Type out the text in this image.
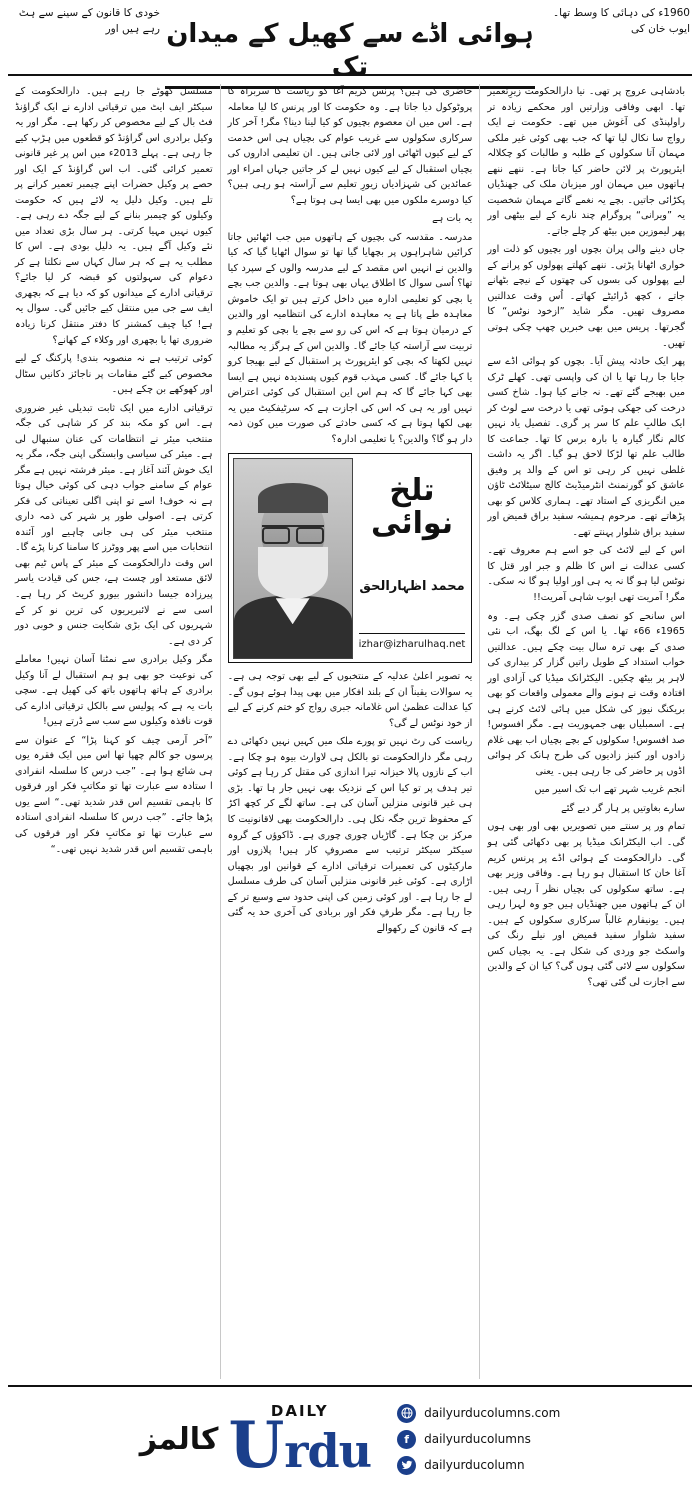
1960ء کی دہائی کا وسط تھا۔ ایوب خان کی
خودی کا قانون کے سینے سے ہٹ رہے ہیں اور ہوائی اڈے سے کھیل کے میدان تک

بادشاہی عروج پر تھی۔ نیا دارالحکومت زیرِتعمیر تھا۔ ابھی وفاقی وزارتیں اور محکمے زیادہ تر راولپنڈی کی آغوش میں تھے۔ حکومت نے ایک رواج سا نکال لیا تھا کہ جب بھی کوئی غیر ملکی مہمان آتا سکولوں کے طلبہ و طالبات کو چکلالہ ایئرپورٹ پر لائن حاضر کیا جاتا ہے۔ ننھے ننھے ہاتھوں میں مہمان اور میزبان ملک کی جھنڈیاں پکڑائی جاتیں۔ بچے یہ نغمے گاتے مہمان شخصیت یہ ”ویرانی“ پروگرام چند نارے کے لیے بیٹھی اور پھر لیموزین میں بیٹھ کر چلے جاتے۔

جاں دینے والی پران بچوں اور بچیوں کو ذلت اور خواری اٹھانا پڑتی۔ ننھے کھلتے پھولوں کو پرانے کے لیے پھولوں کی بسوں کی چھتوں کے نیچے بٹھانے جاتے ، کچھ ڈرائیٹے کھاتے۔ اُس وقت عدالتیں مصروف تھیں۔ مگر شاید ”ازخود نوٹس“ کا گجرتھا۔ پریس میں بھی خبریں چھپ چکی ہوتی تھیں۔

پھر ایک حادثہ پیش آیا۔ بچوں کو ہوائی اڈے سے جایا جا رہا تھا یا ان کی واپسی تھی۔ کھلے ٹرک میں بھیجے گئے تھے۔ نہ جانے کیا ہوا۔ شاخ کسی درخت کی جھکی ہوئی تھی یا درخت سے لوٹ کر ایک طالبِ علم کا سر پر گری۔ تفصیل یاد نہیں کالم نگار گیارہ یا بارہ برس کا تھا۔ جماعت کا طالب علم تھا لڑکا لاحق ہو گیا۔ اگر یہ داشت غلطی نہیں کر رہی تو اس کے والد پر وفیق عاشق کو گورنمنٹ انٹرمیڈیٹ کالج سیٹلائٹ ٹاؤن میں انگریزی کے استاد تھے۔ ہماری کلاس کو بھی پڑھاتے تھے۔ مرحوم ہمیشہ سفید براق قمیض اور سفید براق شلوار پہنتے تھے۔

اس کے لیے لائٹ کی جو اسے ہم معروف تھے۔ کسی عدالت نے اس کا ظلم و جبر اور قتل کا نوٹس لیا ہو گا نہ یہ ہی اور اولیا ہو گا نہ سکی۔ مگر! آمریت تھی ایوب شاہی آمریت!!

اس سانحے کو نصف صدی گزر چکی ہے۔ وہ 1965ء 66ء تھا۔ یا اس کے لگ بھگ، اب نئی صدی کے بھی ترہ سال بیت چکے ہیں۔ عدالتیں خواب استداد کے طویل راتیں گزار کر بیداری کی لاہر پر بیٹھ چکیں۔ الیکٹرانک میڈیا کی آزادی اور افتادہ وقت نے ہونے والے معمولی واقعات کو بھی بریکنگ نیوز کی شکل میں ہائی لائٹ کرنے ہی ہے۔ اسمبلیاں بھی جمہوریت ہے۔ مگر افسوس! صد افسوس! سکولوں کے بچے بچیاں اب بھی غلام زادوں اور کنیز زادیوں کی طرح ہانک کر ہوائی اڈوں پر حاضر کی جا رہی ہیں۔ یعنی

انجم غریب شہر تھے اب تک اسیر میں

سارے بغاوتیں پر ہار گر دیے گئے

تمام ور پر سنتے میں تصویریں بھی اور بھی ہوں گی۔ اب الیکٹرانک میڈیا پر بھی دکھائی گئی ہو گی۔ دارالحکومت کے ہوائی اڈے پر پرنس کریم آغا خان کا استقبال ہو رہا ہے۔ وفاقی وزیر بھی ہے۔ ساتھ سکولوں کی بچیاں نظر آ رہی ہیں۔ ان کے ہاتھوں میں جھنڈیاں ہیں جو وہ لہرا رہی ہیں۔ یونیفارم غالباً سرکاری سکولوں کے ہیں۔ سفید شلوار سفید قمیض اور نیلے رنگ کی واسکٹ جو وردی کی شکل ہے۔ یہ بچیاں کس سکولوں سے لائی گئی ہوں گی؟ کیا ان کے والدین سے اجازت لی گئی تھی؟

حاضری کی ہیں؟ پرنس کریم آغا کو ریاست کا سربراہ کا پروٹوکول دیا جاتا ہے۔ وہ حکومت کا اور پرنس کا لیا معاملہ ہے۔ اس میں ان معصوم بچیوں کو کیا لینا دینا؟ مگر! آخر کار سرکاری سکولوں سے غریب عوام کی بچیاں ہی اس خدمت کے لیے کیوں اٹھائی اور لائی جاتی ہیں۔ ان تعلیمی اداروں کی بچیاں استقبال کے لیے کیوں نہیں لے کر جاتیں جہاں امراء اور عمائدین کی شہزادیاں زیورِ تعلیم سے آراستہ ہو رہی ہیں؟ کیا دوسرے ملکوں میں بھی ایسا ہی ہوتا ہے؟

یہ بات ہے

مدرسہ۔ مقدسہ کی بچیوں کے ہاتھوں میں جب اٹھائیں جاتا کرائیں شاہراہوں پر بچھایا گیا تھا تو سوال اٹھایا گیا کہ کیا والدین نے انہیں اس مقصد کے لیے مدرسہ والوں کے سپرد کیا تھا؟ اُسی سوال کا اطلاق یہاں بھی ہوتا ہے۔ والدین جب بچے یا بچی کو تعلیمی ادارہ میں داخل کرتے ہیں تو ایک خاموش معاہدہ طے پاتا ہے یہ معاہدہ ادارے کی انتظامیہ اور والدین کے درمیان ہوتا ہے کہ اس کی رو سے بچے یا بچی کو تعلیم و تربیت سے آراستہ کیا جائے گا۔ والدین اس کے ہرگز یہ مطالبہ نہیں لکھتا کہ بچی کو ایئرپورٹ پر استقبال کے لیے بھیجا کرو یا کہا جائے گا۔ کسی مہذب قوم کیوں پسندیدہ نہیں ہے ایسا بھی کہا جائے گا کہ ہم اس این استقبال کی کوئی اعتراض نہیں اور یہ ہی کہ اس کی اجازت ہے کہ سرٹیفکیٹ میں یہ بھی لکھا ہوتا ہے کہ کسی حادثے کی صورت میں کون ذمہ دار ہو گا؟ والدین؟ یا تعلیمی ادارہ؟

تلخ نوائی
محمد اظہارالحق
izhar@izharulhaq.net

یہ تصویر اعلیٰ عدلیہ کے منتخبوں کے لیے بھی توجہ ہی ہے۔ یہ سوالات یقیناً ان کے بلند افکار میں بھی پیدا ہوئے ہوں گے۔ کیا عدالت عظمیٰ اس غلامانہ جبری رواج کو ختم کرنے کے لیے از خود نوٹس لے گی؟

ریاست کی رٹ نہیں تو پورے ملک میں کہیں نہیں دکھائی دے رہی مگر دارالحکومت تو بالکل ہی لاوارث بیوہ ہو چکا ہے۔ اب کے نازوں پالا خیزانہ تیرا اندازی کی مقتل کر رہا ہے کوئی تیر ہدف پر تو کیا اس کے نزدیک بھی نہیں جار ہا تھا۔ بڑی ہی غیر قانونی منزلیں آسان کی ہے۔ ساتھ لگے کر کچھ اکڑ کے محفوظ ترین جگہ نکل ہی۔ دارالحکومت بھی لاقانونیت کا مرکز بن چکا ہے۔ گاڑیاں چوری چوری ہے۔ ڈاکوؤں کے گروہ سیکٹر سیکٹر ترتیب سے مصروفِ کار ہیں! پلازوں اور مارکیٹوں کی تعمیرات ترقیاتی ادارے کے قوانین اور بچھیاں اڑاری ہے۔ کوئی غیر قانونی منزلیں آسان کی طرف مسلسل لے جا رہا ہے۔ اور کوئی زمین کی اپنی حدود سے وسیع تر کے جا رہا ہے۔ مگر طرفِ فکر اور بربادی کی آخری حد یہ گئی ہے کہ قانون کے رکھوالے

مسلسل کھوٹے جا رہے ہیں۔ دارالحکومت کے سیکٹر ایف ایٹ میں ترقیاتی ادارے نے ایک گراؤنڈ فٹ بال کے لیے مخصوص کر رکھا ہے۔ مگر اور یہ وکیل برادری اس گراؤنڈ کو قطعوں میں ہڑپ کیے جا رہی ہے۔ پہلے 2013ء میں اس پر غیر قانونی تعمیر کرائی گئی۔ اب اس گراؤنڈ کے ایک اور حصے پر وکیل حضرات اپنے چیمبر تعمیر کرانے پر تلے ہیں۔ وکیل دلیل یہ لائے ہیں کہ حکومت وکیلوں کو چیمبر بنانے کے لیے جگہ دے رہی ہے۔ کیوں نہیں مہیا کرتی۔ ہر سال بڑی تعداد میں نئے وکیل آگے ہیں۔ یہ دلیل بودی ہے۔ اس کا مطلب یہ ہے کہ ہر سال کہاں سے نکلتا ہے کر دعوام کی سہولتوں کو قبضہ کر لیا جائے؟ ترقیاتی ادارے کے میدانوں کو کہ دیا ہے کہ بچھری ایف سے جی میں منتقل کیے جائیں گی۔ سوال یہ ہے! کیا چیف کمشنر کا دفتر منتقل کرنا زیادہ ضروری تھا یا بچھری اور وکلاء کے کھانے؟

کوئی ترتیب ہے نہ منصوبہ بندی! پارکنگ کے لیے مخصوص کیے گئے مقامات پر ناجائز دکانیں سٹال اور کھوکھے بن چکے ہیں۔

ترقیاتی ادارے میں ایک ثابت تبدیلی غیر ضروری ہے۔ اس کو مکہ بند کر کر شاہی کی جگہ منتخب میئر نے انتظامات کی عنان سنبھال لی ہے۔ میئر کی سیاسی وابستگی اپنی جگہ، مگر یہ ایک خوش آئند آغاز ہے۔ میئر فرشتہ نہیں ہے مگر عوام کے سامنے جواب دہی کی کوئی خیال ہوتا ہے نہ خوف! اسے تو اپنی اگلی تعیناتی کی فکر کرتی ہے۔ اصولی طور پر شہر کی ذمہ داری منتخب میئر کی ہی جانی چاہیے اور آئندہ انتخابات میں اسے پھر ووٹرز کا سامنا کرنا پڑے گا۔ اس وقت دارالحکومت کے میئر کے پاس ٹیم بھی لائق مستعد اور چست ہے، جس کی قیادت یاسر پیرزادہ جیسا دانشور بیورو کریٹ کر رہا ہے۔ اسی سے نے لائبریریوں کی ترین نو کر کے شہریوں کی ایک بڑی شکایت جنس و خوبی دور کر دی ہے۔

مگر وکیل برادری سے نمٹنا آسان نہیں! معاملے کی نوعیت جو بھی ہو ہم استقبال لے آنا وکیل برادری کے ہاتھ ہاتھوں باتھ کی کھیل ہے۔ سچی بات یہ ہے کہ پولیس سے بالکل ترقیاتی ادارے کی قوت نافذہ وکیلوں سے سب سے ڈرتے ہیں!

”آخر آرمی چیف کو کہنا پڑا“ کے عنوان سے پرسوں جو کالم چھپا تھا اس میں ایک فقرہ یوں ہی شائع ہوا ہے۔ ”جب درس کا سلسلہ انفرادی ا ستادہ سے عبارت تھا تو مکاتبِ فکر اور فرقوں کا باہمی تقسیم اس قدر شدید تھی۔“ اسے یوں پڑھا جائے۔ ”جب درس کا سلسلہ انفرادی استادہ سے عبارت تھا تو مکاتبِ فکر اور فرقوں کی باہمی تقسیم اس قدر شدید نہیں تھی۔“

کالمز
DAILY
U rdu
dailyurducolumns.com
f	dailyurducolumns
dailyurducolumn
